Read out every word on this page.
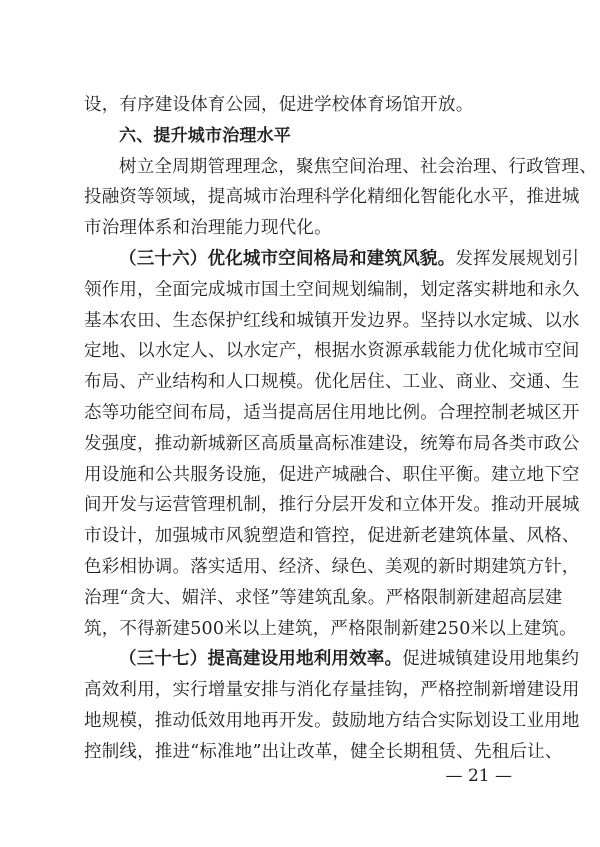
设，有序建设体育公园，促进学校体育场馆开放。
六、提升城市治理水平
树立全周期管理理念，聚焦空间治理、社会治理、行政管理、
投融资等领域，提高城市治理科学化精细化智能化水平，推进城
市治理体系和治理能力现代化。
（三十六）优化城市空间格局和建筑风貌。发挥发展规划引
领作用，全面完成城市国土空间规划编制，划定落实耕地和永久
基本农田、生态保护红线和城镇开发边界。坚持以水定城、以水
定地、以水定人、以水定产，根据水资源承载能力优化城市空间
布局、产业结构和人口规模。优化居住、工业、商业、交通、生
态等功能空间布局，适当提高居住用地比例。合理控制老城区开
发强度，推动新城新区高质量高标准建设，统筹布局各类市政公
用设施和公共服务设施，促进产城融合、职住平衡。建立地下空
间开发与运营管理机制，推行分层开发和立体开发。推动开展城
市设计，加强城市风貌塑造和管控，促进新老建筑体量、风格、
色彩相协调。落实适用、经济、绿色、美观的新时期建筑方针，
治理“贪大、媚洋、求怪”等建筑乱象。严格限制新建超高层建
筑，不得新建500米以上建筑，严格限制新建250米以上建筑。
（三十七）提高建设用地利用效率。促进城镇建设用地集约
高效利用，实行增量安排与消化存量挂钩，严格控制新增建设用
地规模，推动低效用地再开发。鼓励地方结合实际划设工业用地
控制线，推进“标准地”出让改革，健全长期租赁、先租后让、
— 21 —
